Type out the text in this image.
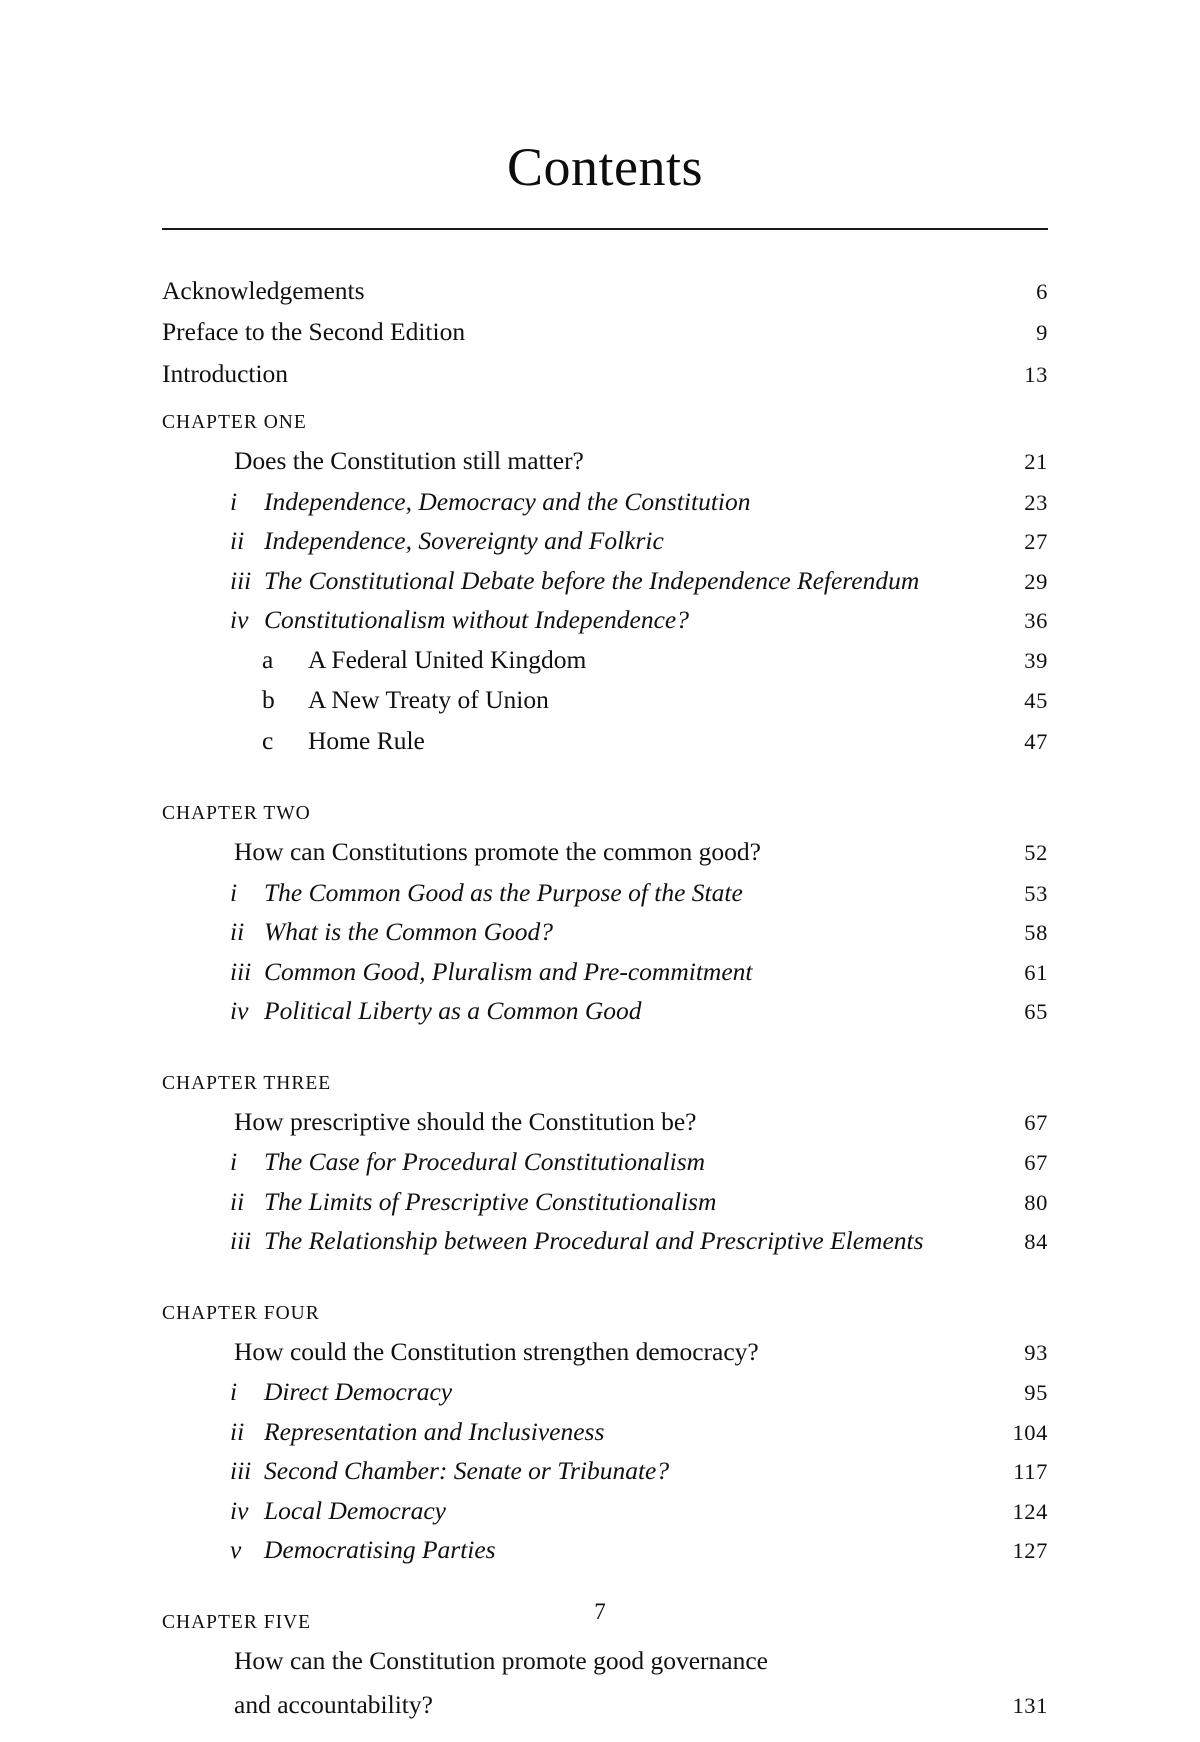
Contents
Acknowledgements	6
Preface to the Second Edition	9
Introduction	13
CHAPTER ONE
Does the Constitution still matter?	21
i	Independence, Democracy and the Constitution	23
ii Independence, Sovereignty and Folkric	27
iii The Constitutional Debate before the Independence Referendum	29
iv Constitutionalism without Independence?	36
a	A Federal United Kingdom	39
b	A New Treaty of Union	45
c	Home Rule	47
CHAPTER TWO
How can Constitutions promote the common good?	52
i	The Common Good as the Purpose of the State	53
ii What is the Common Good?	58
iii Common Good, Pluralism and Pre-commitment	61
iv Political Liberty as a Common Good	65
CHAPTER THREE
How prescriptive should the Constitution be?	67
i	The Case for Procedural Constitutionalism	67
ii The Limits of Prescriptive Constitutionalism	80
iii The Relationship between Procedural and Prescriptive Elements	84
CHAPTER FOUR
How could the Constitution strengthen democracy?	93
i	Direct Democracy	95
ii Representation and Inclusiveness	104
iii Second Chamber: Senate or Tribunate?	117
iv Local Democracy	124
v Democratising Parties	127
CHAPTER FIVE
How can the Constitution promote good governance
and accountability?	131
7
